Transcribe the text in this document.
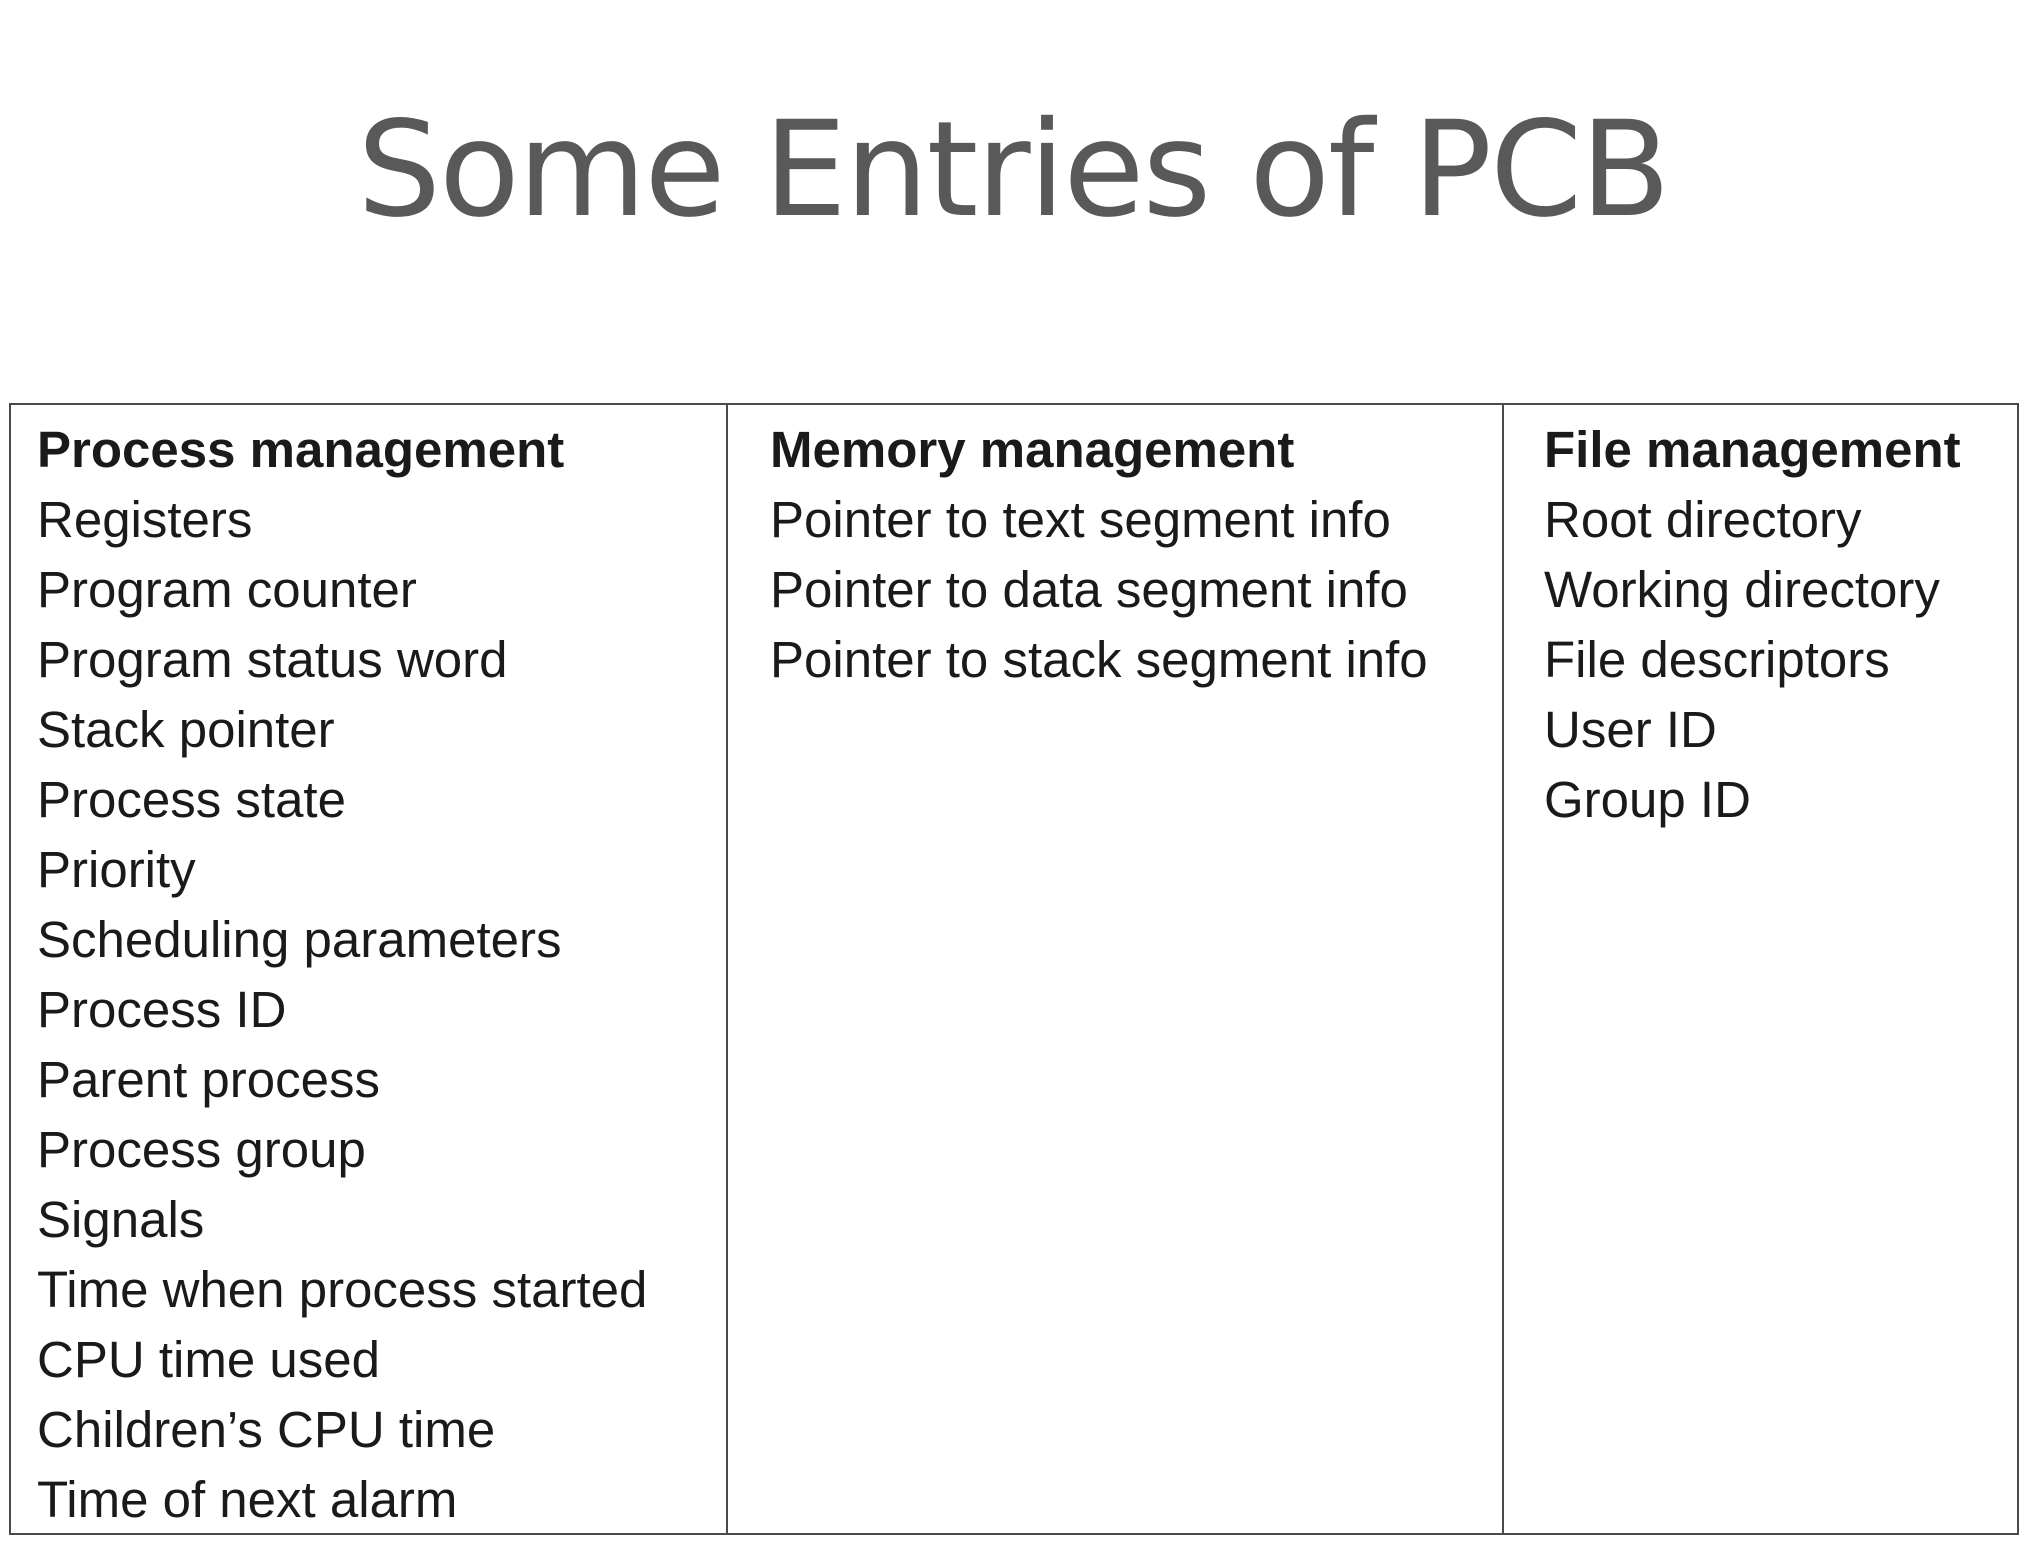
Some Entries of PCB
Process management
Registers
Program counter
Program status word
Stack pointer
Process state
Priority
Scheduling parameters
Process ID
Parent process
Process group
Signals
Time when process started
CPU time used
Children’s CPU time
Time of next alarm
Memory management
Pointer to text segment info
Pointer to data segment info
Pointer to stack segment info
File management
Root directory
Working directory
File descriptors
User ID
Group ID
